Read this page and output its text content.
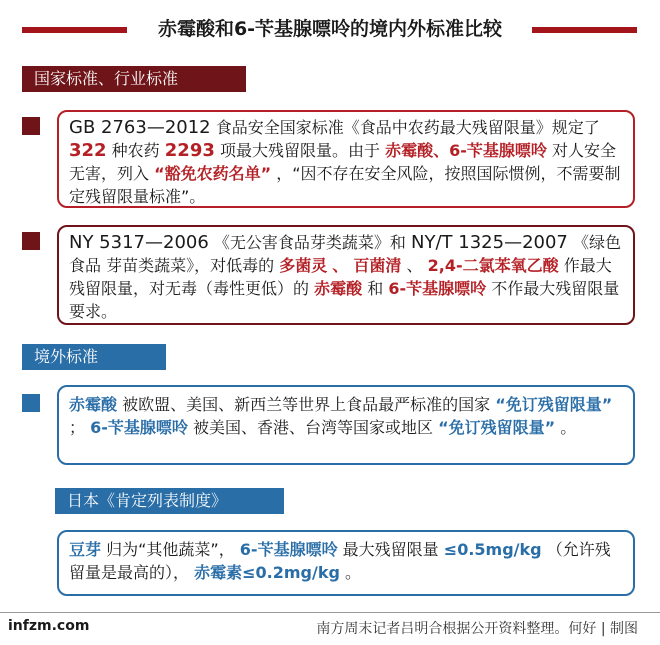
赤霉酸和6-苄基腺嘌呤的境内外标准比较
国家标准、行业标准
GB 2763—2012 食品安全国家标准《食品中农药最大残留限量》规定了 322 种农药 2293 项最大残留限量。由于 赤霉酸、6-苄基腺嘌呤 对人安全无害，列入 “豁免农药名单” ，“因不存在安全风险，按照国际惯例，不需要制定残留限量标准”。
NY 5317—2006 《无公害食品芽类蔬菜》和 NY/T 1325—2007 《绿色食品 芽苗类蔬菜》，对低毒的 多菌灵 、 百菌清 、 2,4-二氯苯氧乙酸 作最大残留限量，对无毒（毒性更低）的 赤霉酸 和 6-苄基腺嘌呤 不作最大残留限量要求。
境外标准
赤霉酸 被欧盟、美国、新西兰等世界上食品最严标准的国家 “免订残留限量” ； 6-苄基腺嘌呤 被美国、香港、台湾等国家或地区 “免订残留限量” 。
日本《肯定列表制度》
豆芽 归为“其他蔬菜”， 6-苄基腺嘌呤 最大残留限量 ≤0.5mg/kg （允许残留量是最高的）， 赤霉素≤0.2mg/kg 。
infzm.com	南方周末记者吕明合根据公开资料整理。何好 | 制图
